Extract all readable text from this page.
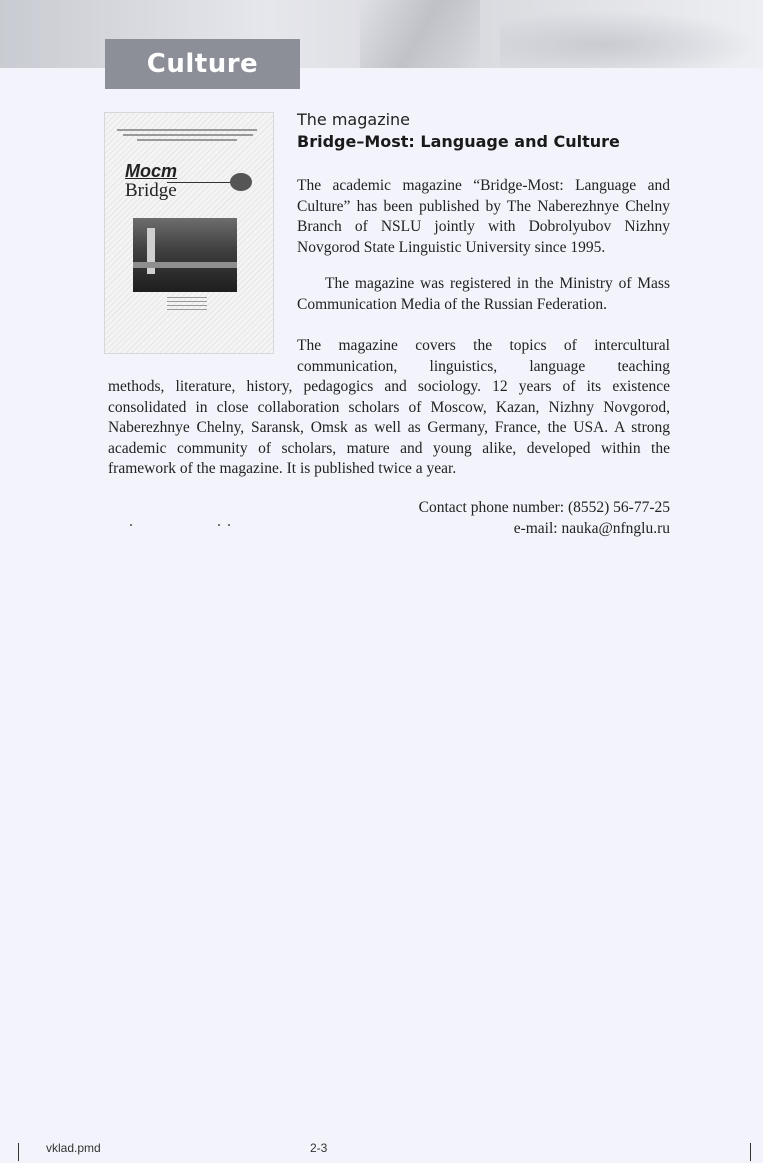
Culture
Мост
Bridge
The magazine
Bridge–Most: Language and Culture

The academic magazine “Bridge-Most: Language and Culture” has been published by The Naberezhnye Chelny Branch of NSLU jointly with Dobrolyubov Nizhny Novgorod State Linguistic University since 1995.

The magazine was registered in the Ministry of Mass Communication Media of the Russian Federation.

The magazine covers the topics of intercultural communication, linguistics, language teaching

methods, literature, history, pedagogics and sociology. 12 years of its existence consolidated in close collaboration scholars of Moscow, Kazan, Nizhny Novgorod, Naberezhnye Chelny, Saransk, Omsk as well as Germany, France, the USA. A strong academic community of scholars, mature and young alike, developed within the framework of the magazine. It is published twice a year.

Contact phone number: (8552) 56-77-25
e-mail: nauka@nfnglu.ru
vklad.pmd	2-3
